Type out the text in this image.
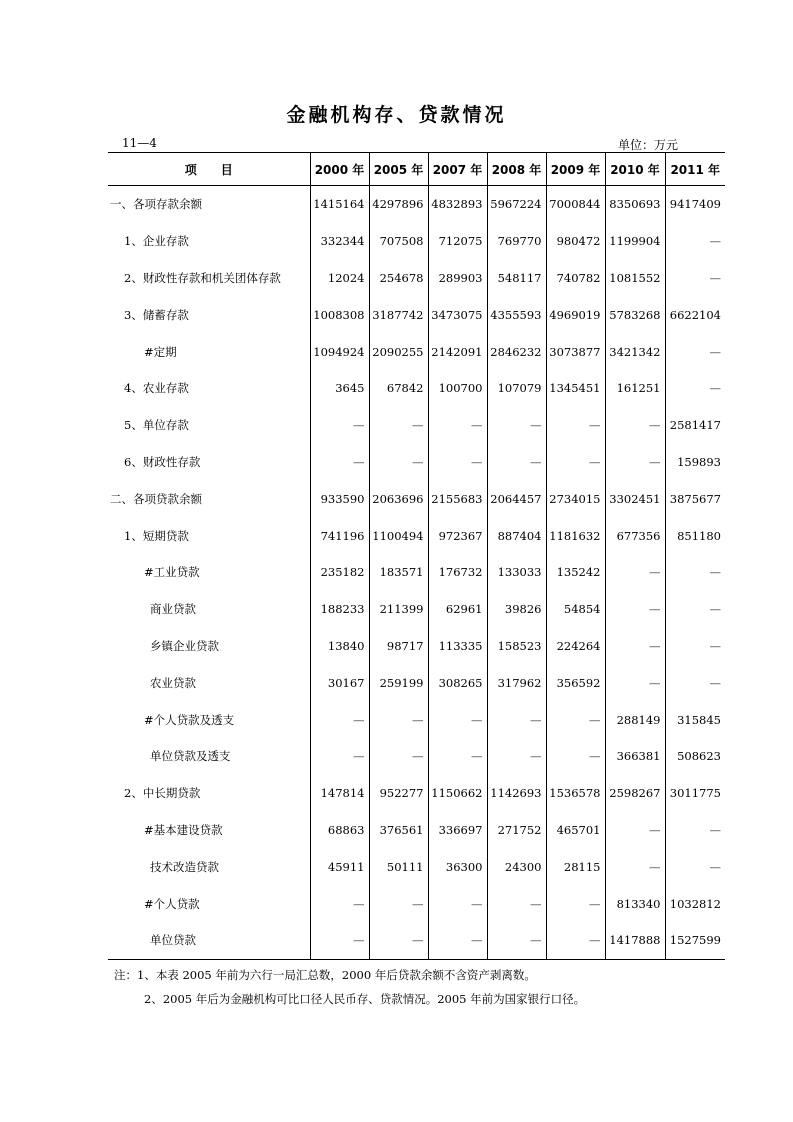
金融机构存、贷款情况
11—4	单位：万元
项　　目	2000 年	2005 年	2007 年	2008 年	2009 年	2010 年	2011 年
一、各项存款余额	1415164	4297896	4832893	5967224	7000844	8350693	9417409
1、企业存款	332344	707508	712075	769770	980472	1199904	—
2、财政性存款和机关团体存款	12024	254678	289903	548117	740782	1081552	—
3、储蓄存款	1008308	3187742	3473075	4355593	4969019	5783268	6622104
#定期	1094924	2090255	2142091	2846232	3073877	3421342	—
4、农业存款	3645	67842	100700	107079	1345451	161251	—
5、单位存款	—	—	—	—	—	—	2581417
6、财政性存款	—	—	—	—	—	—	159893
二、各项贷款余额	933590	2063696	2155683	2064457	2734015	3302451	3875677
1、短期贷款	741196	1100494	972367	887404	1181632	677356	851180
#工业贷款	235182	183571	176732	133033	135242	—	—
商业贷款	188233	211399	62961	39826	54854	—	—
乡镇企业贷款	13840	98717	113335	158523	224264	—	—
农业贷款	30167	259199	308265	317962	356592	—	—
#个人贷款及透支	—	—	—	—	—	288149	315845
单位贷款及透支	—	—	—	—	—	366381	508623
2、中长期贷款	147814	952277	1150662	1142693	1536578	2598267	3011775
#基本建设贷款	68863	376561	336697	271752	465701	—	—
技术改造贷款	45911	50111	36300	24300	28115	—	—
#个人贷款	—	—	—	—	—	813340	1032812
单位贷款	—	—	—	—	—	1417888	1527599
注：1、本表 2005 年前为六行一局汇总数，2000 年后贷款余额不含资产剥离数。
2、2005 年后为金融机构可比口径人民币存、贷款情况。2005 年前为国家银行口径。
